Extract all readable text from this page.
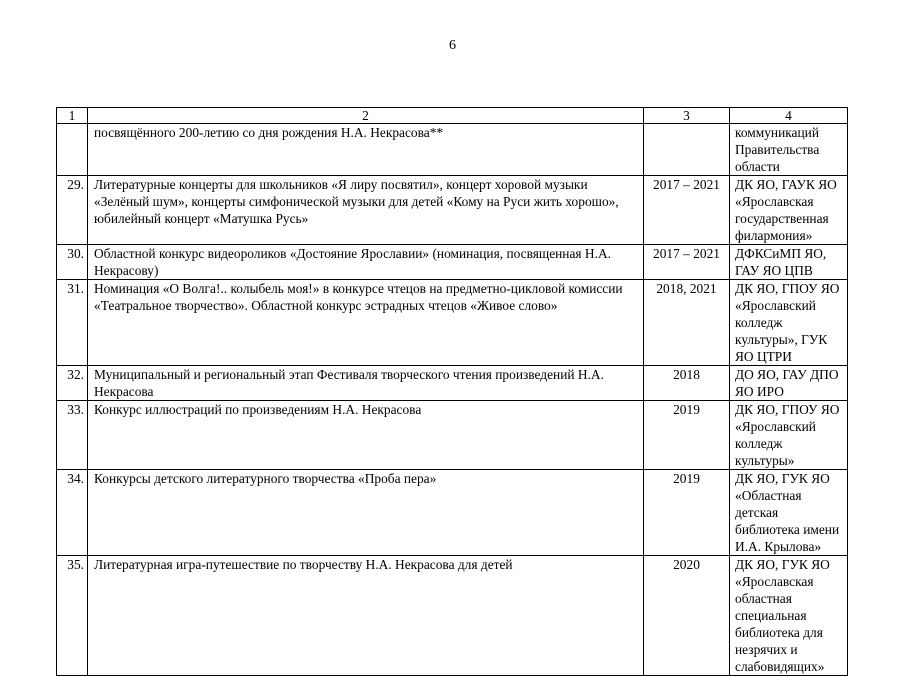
6
1	2	3	4
	посвящённого 200-летию со дня рождения Н.А. Некрасова**		коммуникаций Правительства области
29.	Литературные концерты для школьников «Я лиру посвятил», концерт хоровой музыки «Зелёный шум», концерты симфонической музыки для детей «Кому на Руси жить хорошо», юбилейный концерт «Матушка Русь»	2017 – 2021	ДК ЯО, ГАУК ЯО «Ярославская государственная филармония»
30.	Областной конкурс видеороликов «Достояние Ярославии» (номинация, посвященная Н.А. Некрасову)	2017 – 2021	ДФКСиМП ЯО, ГАУ ЯО ЦПВ
31.	Номинация «О Волга!.. колыбель моя!» в конкурсе чтецов на предметно-цикловой комиссии «Театральное творчество». Областной конкурс эстрадных чтецов «Живое слово»	2018, 2021	ДК ЯО, ГПОУ ЯО «Ярославский колледж культуры», ГУК ЯО ЦТРИ
32.	Муниципальный и региональный этап Фестиваля творческого чтения произведений Н.А. Некрасова	2018	ДО ЯО, ГАУ ДПО ЯО ИРО
33.	Конкурс иллюстраций по произведениям Н.А. Некрасова	2019	ДК ЯО, ГПОУ ЯО «Ярославский колледж культуры»
34.	Конкурсы детского литературного творчества «Проба пера»	2019	ДК ЯО, ГУК ЯО «Областная детская библиотека имени И.А. Крылова»
35.	Литературная игра-путешествие по творчеству Н.А. Некрасова для детей	2020	ДК ЯО, ГУК ЯО «Ярославская областная специальная библиотека для незрячих и слабовидящих»
